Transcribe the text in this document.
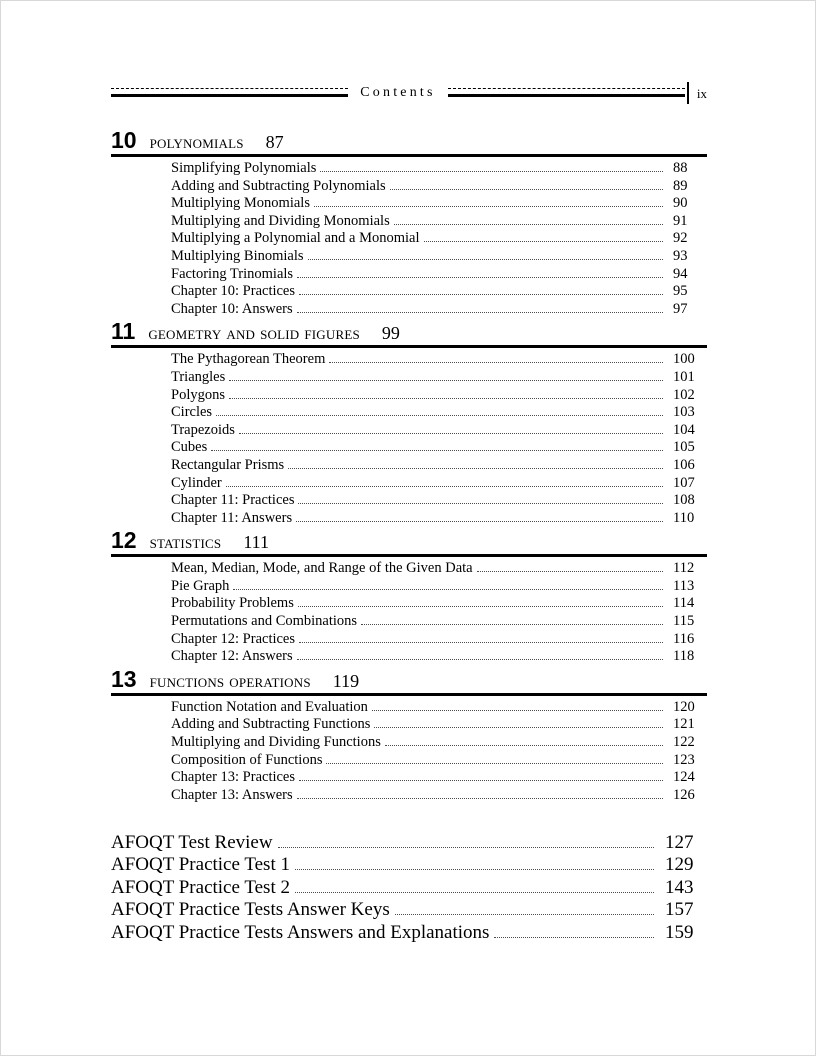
Contents	ix
10 polynomials 87
Simplifying Polynomials	88
Adding and Subtracting Polynomials	89
Multiplying Monomials	90
Multiplying and Dividing Monomials	91
Multiplying a Polynomial and a Monomial	92
Multiplying Binomials	93
Factoring Trinomials	94
Chapter 10: Practices	95
Chapter 10: Answers	97
11 geometry and solid figures 99
The Pythagorean Theorem	100
Triangles	101
Polygons	102
Circles	103
Trapezoids	104
Cubes	105
Rectangular Prisms	106
Cylinder	107
Chapter 11: Practices	108
Chapter 11: Answers	110
12 statistics 111
Mean, Median, Mode, and Range of the Given Data	112
Pie Graph	113
Probability Problems	114
Permutations and Combinations	115
Chapter 12: Practices	116
Chapter 12: Answers	118
13 functions operations 119
Function Notation and Evaluation	120
Adding and Subtracting Functions	121
Multiplying and Dividing Functions	122
Composition of Functions	123
Chapter 13: Practices	124
Chapter 13: Answers	126
AFOQT Test Review	127
AFOQT Practice Test 1	129
AFOQT Practice Test 2	143
AFOQT Practice Tests Answer Keys	157
AFOQT Practice Tests Answers and Explanations	159
